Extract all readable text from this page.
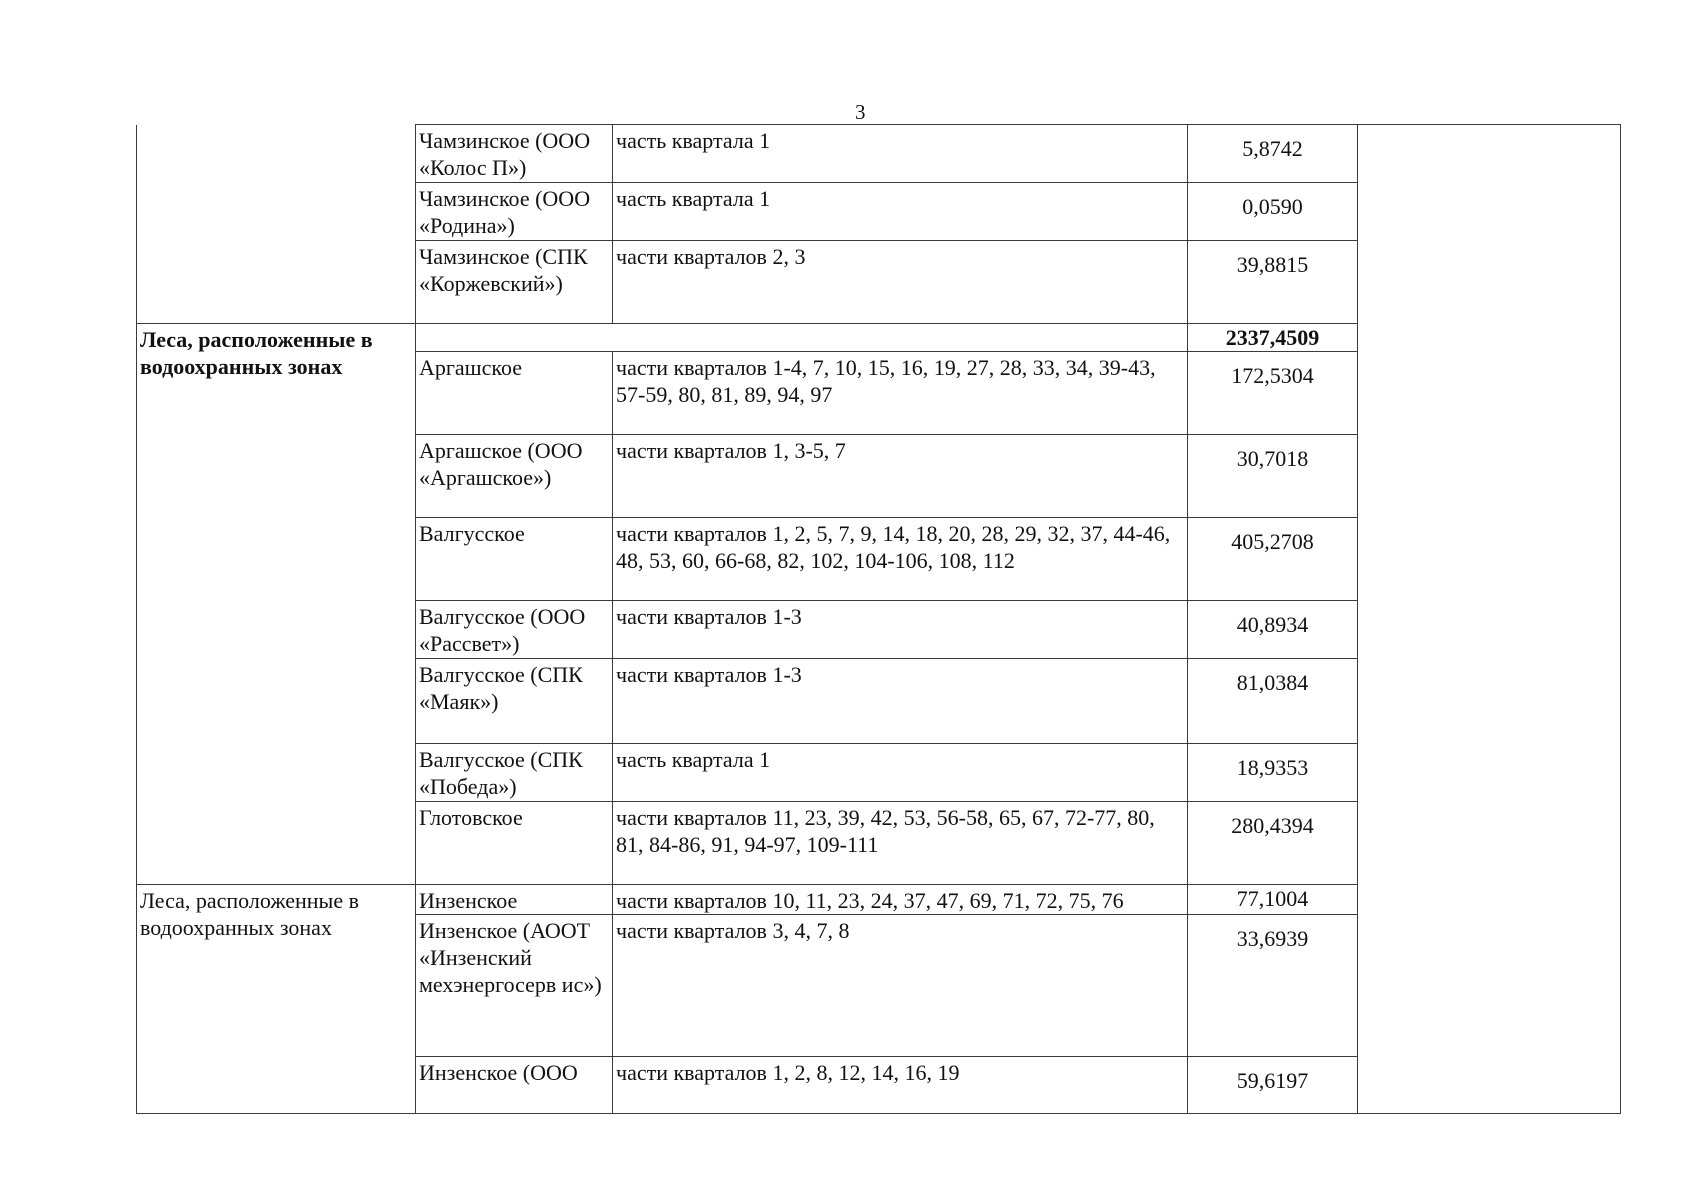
3
	Чамзинское (ООО «Колос П»)	часть квартала 1	5,8742	
	Чамзинское (ООО «Родина»)	часть квартала 1	0,0590	
	Чамзинское (СПК «Коржевский»)	части кварталов 2, 3	39,8815	
Леса, расположенные в водоохранных зонах			2337,4509	
	Аргашское	части кварталов 1-4, 7, 10, 15, 16, 19, 27, 28, 33, 34, 39-43, 57-59, 80, 81, 89, 94, 97	172,5304	
	Аргашское (ООО «Аргашское»)	части кварталов 1, 3-5, 7	30,7018	
	Валгусское	части кварталов 1, 2, 5, 7, 9, 14, 18, 20, 28, 29, 32, 37, 44-46, 48, 53, 60, 66-68, 82, 102, 104-106, 108, 112	405,2708	
	Валгусское (ООО «Рассвет»)	части кварталов 1-3	40,8934	
	Валгусское (СПК «Маяк»)	части кварталов 1-3	81,0384	
	Валгусское (СПК «Победа»)	часть квартала 1	18,9353	
	Глотовское	части кварталов 11, 23, 39, 42, 53, 56-58, 65, 67, 72-77, 80, 81, 84-86, 91, 94-97, 109-111	280,4394	
Леса, расположенные в водоохранных зонах	Инзенское	части кварталов 10, 11, 23, 24, 37, 47, 69, 71, 72, 75, 76	77,1004	
	Инзенское (АООТ «Инзенский мехэнергосерв ис»)	части кварталов 3, 4, 7, 8	33,6939	
	Инзенское (ООО	части кварталов 1, 2, 8, 12, 14, 16, 19	59,6197	
